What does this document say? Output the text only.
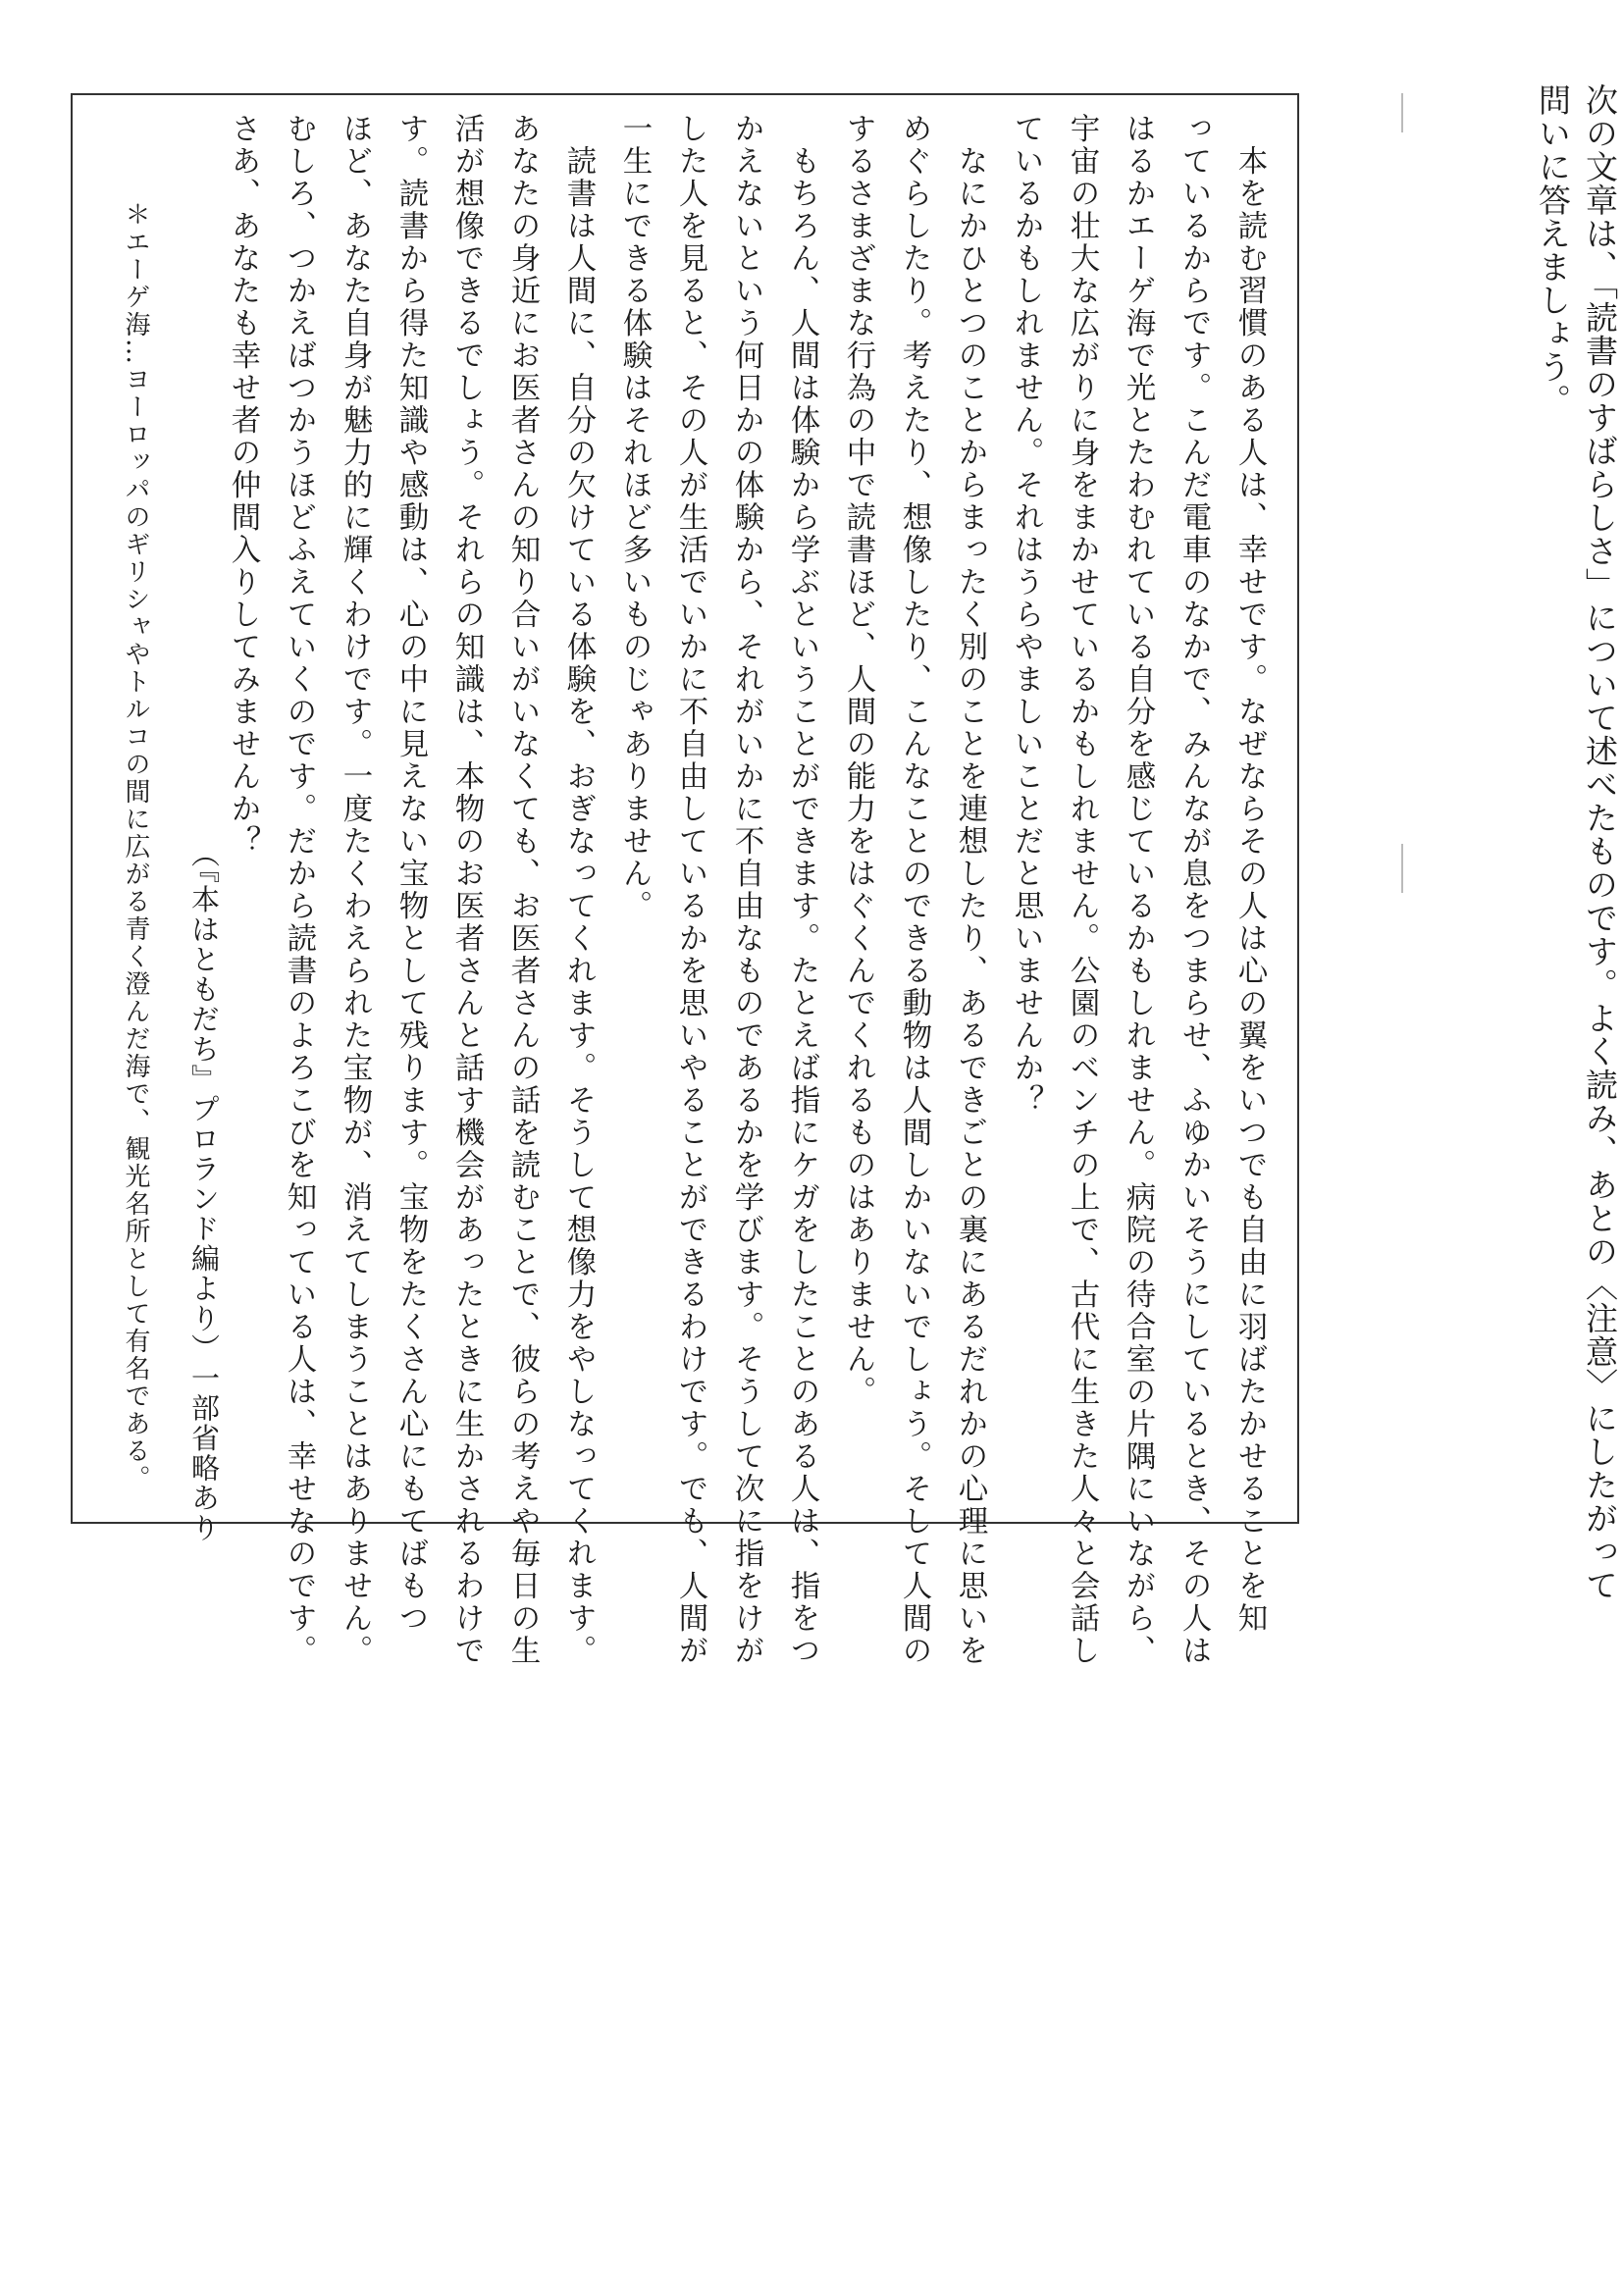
次の文章は、「読書のすばらしさ」について述べたものです。よく読み、あとの〈注意〉にしたがって問いに答えましょう。
　本を読む習慣のある人は、幸せです。なぜならその人は心の翼をいつでも自由に羽ばたかせることを知
っているからです。こんだ電車のなかで、みんなが息をつまらせ、ふゆかいそうにしているとき、その人は
はるかエーゲ海で光とたわむれている自分を感じているかもしれません。病院の待合室の片隅にいながら、
宇宙の壮大な広がりに身をまかせているかもしれません。公園のベンチの上で、古代に生きた人々と会話し
ているかもしれません。それはうらやましいことだと思いませんか？
　なにかひとつのことからまったく別のことを連想したり、あるできごとの裏にあるだれかの心理に思いを
めぐらしたり。考えたり、想像したり、こんなことのできる動物は人間しかいないでしょう。そして人間の
するさまざまな行為の中で読書ほど、人間の能力をはぐくんでくれるものはありません。
　もちろん、人間は体験から学ぶということができます。たとえば指にケガをしたことのある人は、指をつ
かえないという何日かの体験から、それがいかに不自由なものであるかを学びます。そうして次に指をけが
した人を見ると、その人が生活でいかに不自由しているかを思いやることができるわけです。でも、人間が
一生にできる体験はそれほど多いものじゃありません。
　読書は人間に、自分の欠けている体験を、おぎなってくれます。そうして想像力をやしなってくれます。
あなたの身近にお医者さんの知り合いがいなくても、お医者さんの話を読むことで、彼らの考えや毎日の生
活が想像できるでしょう。それらの知識は、本物のお医者さんと話す機会があったときに生かされるわけで
す。読書から得た知識や感動は、心の中に見えない宝物として残ります。宝物をたくさん心にもてばもつ
ほど、あなた自身が魅力的に輝くわけです。一度たくわえられた宝物が、消えてしまうことはありません。
むしろ、つかえばつかうほどふえていくのです。だから読書のよろこびを知っている人は、幸せなのです。
さあ、あなたも幸せ者の仲間入りしてみませんか？
（『本はともだち』プロランド編より）一部省略あり
＊エーゲ海…ヨーロッパのギリシャやトルコの間に広がる青く澄んだ海で、観光名所として有名である。
